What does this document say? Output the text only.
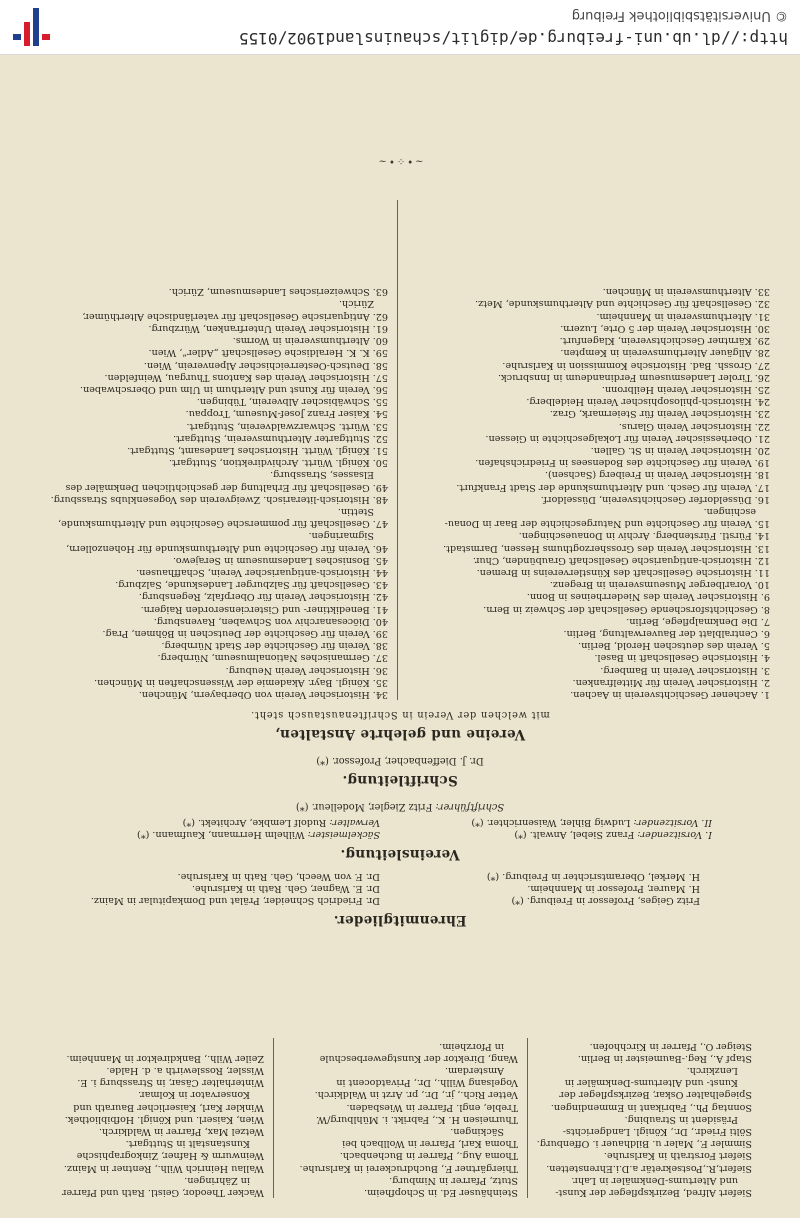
Siefert Alfred, Bezirkspfleger der Kunst-
und Altertums-Denkmäler in Lahr.
Siefert,R.,Postsekretär a.D.i.Ehrenstetten.
Siefert Forstrath in Karlsruhe.
Simmler F., Maler u. Bildhauer i. Offenburg.
Sölti Friedr., Dr., Königl. Landgerichts-
Präsident in Straubing.
Sonntag Ph., Fabrikant in Emmendingen.
Spiegelhalter Oskar, Bezirkspfleger der
Kunst- und Altertums-Denkmäler in
Lenzkirch.
Stapf A., Reg.-Baumeister in Berlin.
Steiger O., Pfarrer in Kirchhofen.
Steinhäuser Ed. in Schopfheim.
Stutz, Pfarrer in Nimburg.
Thiergärtner F., Buchdruckerei in Karlsruhe.
Thoma Aug., Pfarrer in Buchenbach.
Thoma Karl, Pfarrer in Wollbach bei
Säckingen.
Thurneisen H. K., Fabrikt. i. Mühlburg/W.
Treble, engl. Pfarrer in Wiesbaden.
Vetter Rich., jr., Dr., pr. Arzt in Waldkirch.
Vogelsang Willh., Dr., Privatdocent in
Amsterdam.
Wang, Direktor der Kunstgewerbeschule
in Pforzheim.
Wacker Theodor, Geistl. Rath und Pfarrer
in Zähringen.
Wallau Heinrich Wilh., Rentner in Mainz.
Weinwurm & Hafner, Zinkographische
Kunstanstalt in Stuttgart.
Wetzel Max, Pfarrer in Waldkirch.
Wien, Kaiserl. und Königl. Hofbibliothek.
Winkler Karl, Kaiserlicher Baurath und
Konservator in Kolmar.
Winterhalter Cäsar, in Strassburg i. E.
Wissler, Rosslewirth a. d. Halde.
Zeiler Wilh., Bankdirektor in Mannheim.
Ehrenmitglieder.
Fritz Geiges, Professor in Freiburg. (*)
H. Maurer, Professor in Mannheim.
H. Merkel, Oberamtsrichter in Freiburg. (*)
Dr. Friedrich Schneider, Prälat und Domkapitular in Mainz.
Dr. E. Wagner, Geh. Rath in Karlsruhe.
Dr. F. von Weech, Geh. Rath in Karlsruhe.
Vereinsleitung.
I. Vorsitzender: Franz Siebel, Anwalt. (*)
II. Vorsitzender: Ludwig Bihler, Waisenrichter. (*)
Säckelmeister: Wilhelm Herrmann, Kaufmann. (*)
Verwalter: Rudolf Lembke, Architekt. (*)
Schriftführer: Fritz Ziegler, Modelleur. (*)
Schriftleitung.
Dr. J. Dieffenbacher, Professor. (*)
Vereine und gelehrte Anstalten,
mit welchen der Verein in Schriftenaustausch steht.
1. Aachener Geschichtsverein in Aachen.
2. Historischer Verein für Mittelfranken.
3. Historischer Verein in Bamberg.
4. Historische Gesellschaft in Basel.
5. Verein des deutschen Herold, Berlin.
6. Centralblatt der Bauverwaltung, Berlin.
7. Die Denkmalpflege, Berlin.
8. Geschichtsforschende Gesellschaft der Schweiz in Bern.
9. Historischer Verein des Niederrheines in Bonn.
10. Vorarlberger Museumsverein in Bregenz.
11. Historische Gesellschaft des Künstlervereins in Bremen.
12. Historisch-antiquarische Gesellschaft Graubünden, Chur.
13. Historischer Verein des Grossherzogthums Hessen, Darmstadt.
14. Fürstl. Fürstenberg. Archiv in Donaueschingen.
15. Verein für Geschichte und Naturgeschichte der Baar in Donau-
eschingen.
16. Düsseldorfer Geschichtsverein, Düsseldorf.
17. Verein für Gesch. und Alterthumskunde der Stadt Frankfurt.
18. Historischer Verein in Freiberg (Sachsen).
19. Verein für Geschichte des Bodensees in Friedrichshafen.
20. Historischer Verein in St. Gallen.
21. Oberhessischer Verein für Lokalgeschichte in Giessen.
22. Historischer Verein Glarus.
23. Historischer Verein für Steiermark, Graz.
24. Historisch-philosophischer Verein Heidelberg.
25. Historischer Verein Heilbronn.
26. Tiroler Landesmuseum Ferdinandeum in Innsbruck.
27. Grossh. Bad. Historische Kommission in Karlsruhe.
28. Allgäuer Alterthumsverein in Kempten.
29. Kärntner Geschichtsverein, Klagenfurt.
30. Historischer Verein der 5 Orte, Luzern.
31. Alterthumsverein in Mannheim.
32. Gesellschaft für Geschichte und Alterthumskunde, Metz.
33. Alterthumsverein in München.
34. Historischer Verein von Oberbayern, München.
35. Königl. Bayr. Akademie der Wissenschaften in München.
36. Historischer Verein Neuburg.
37. Germanisches Nationalmuseum, Nürnberg.
38. Verein für Geschichte der Stadt Nürnberg.
39. Verein für Geschichte der Deutschen in Böhmen, Prag.
40. Diöcesanarchiv von Schwaben, Ravensburg.
41. Benediktiner- und Cistercienserorden Raigern.
42. Historischer Verein für Oberpfalz, Regensburg.
43. Gesellschaft für Salzburger Landeskunde, Salzburg.
44. Historisch-antiquarischer Verein, Schaffhausen.
45. Bosnisches Landesmuseum in Serajewo.
46. Verein für Geschichte und Alterthumskunde für Hohenzollern,
Sigmaringen.
47. Gesellschaft für pommersche Geschichte und Alterthumskunde,
Stettin.
48. Historisch-literarisch. Zweigverein des Vogesenklubs Strassburg.
49. Gesellschaft für Erhaltung der geschichtlichen Denkmäler des
Elsasses, Strassburg.
50. Königl. Württ. Archivdirektion, Stuttgart.
51. Königl. Württ. Historisches Landesamt, Stuttgart.
52. Stuttgarter Alterthumsverein, Stuttgart.
53. Württ. Schwarzwaldverein, Stuttgart.
54. Kaiser Franz Josef-Museum, Troppau.
55. Schwäbischer Albverein, Tübingen.
56. Verein für Kunst und Alterthum in Ulm und Oberschwaben.
57. Historischer Verein des Kantons Thurgau, Weinfelden.
58. Deutsch-Oesterreichischer Alpenverein, Wien.
59. K. K. Heraldische Gesellschaft „Adler“, Wien.
60. Alterthumsverein in Worms.
61. Historischer Verein Unterfranken, Würzburg.
62. Antiquarische Gesellschaft für vaterländische Alterthümer,
Zürich.
63. Schweizerisches Landesmuseum, Zürich.
~•⁘•~
http://dl.ub.uni-freiburg.de/diglit/schauinsland1902/0155
© Universitätsbibliothek Freiburg
